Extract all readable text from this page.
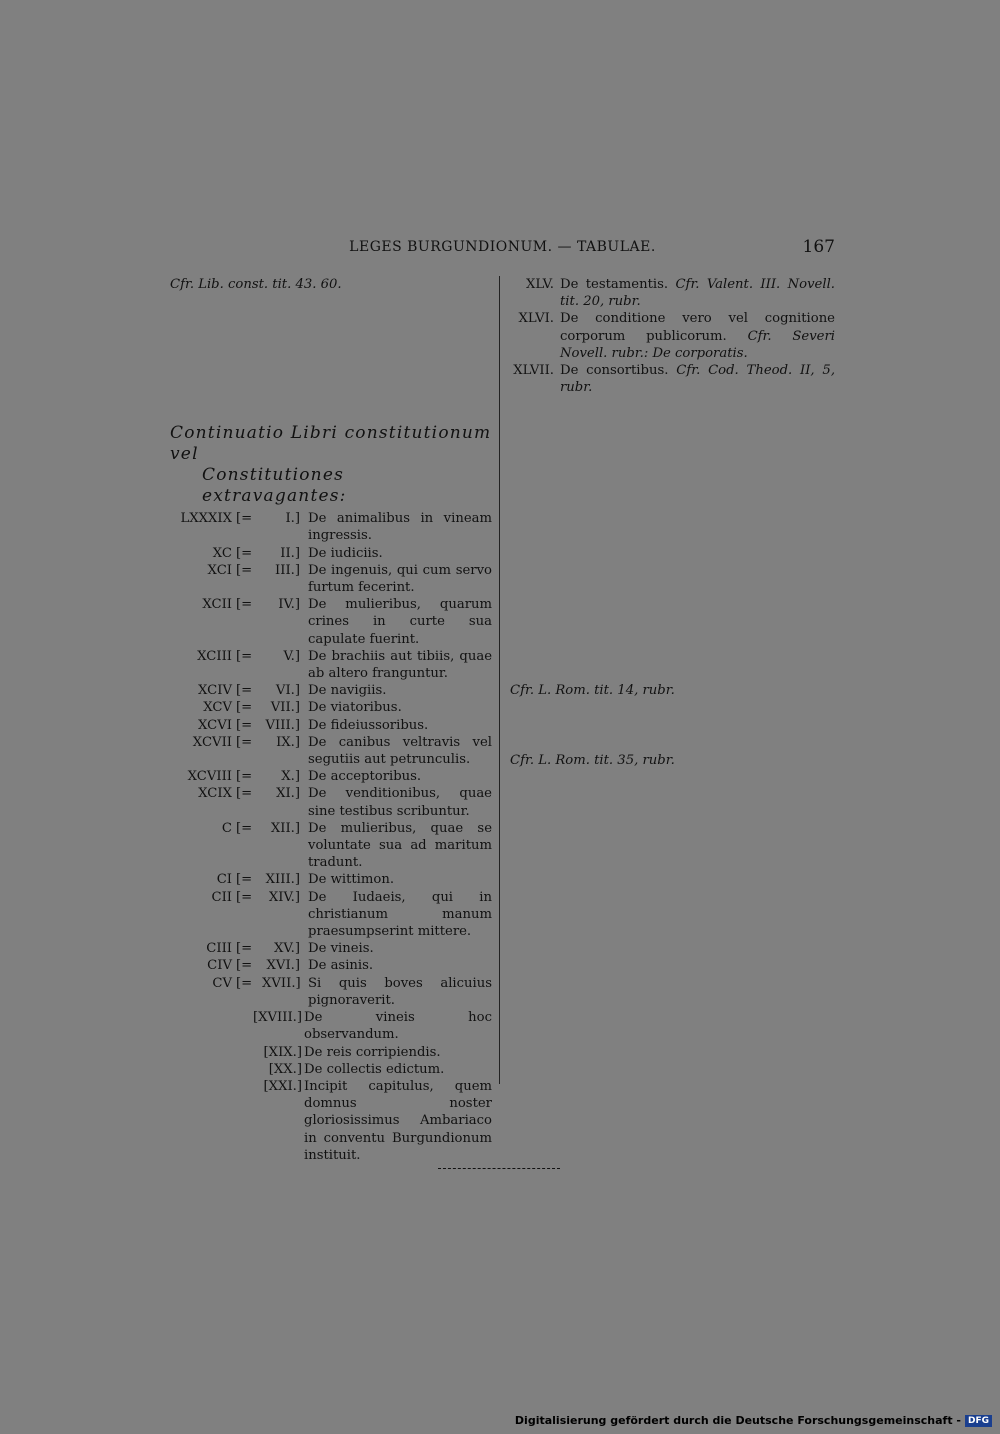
LEGES BURGUNDIONUM. — TABULAE.	167
Cfr. Lib. const. tit. 43. 60.
Continuatio Libri constitutionum vel
Constitutiones extravagantes:
LXXXIX [=	I.] De animalibus in vineam ingressis.
XC [=	II.] De iudiciis.
XCI [=	III.] De ingenuis, qui cum servo furtum fecerint.
XCII [=	IV.] De mulieribus, quarum crines in curte sua capulate fuerint.
XCIII [=	V.] De brachiis aut tibiis, quae ab altero franguntur.
XCIV [=	VI.] De navigiis.
XCV [=	VII.] De viatoribus.
XCVI [=	VIII.] De fideiussoribus.
XCVII [=	IX.] De canibus veltravis vel segutiis aut petrunculis.
XCVIII [=	X.] De acceptoribus.
XCIX [=	XI.] De venditionibus, quae sine testibus scribuntur.
C [=	XII.] De mulieribus, quae se voluntate sua ad maritum tradunt.
CI [=	XIII.] De wittimon.
CII [=	XIV.] De Iudaeis, qui in christianum manum praesumpserint mittere.
CIII [=	XV.] De vineis.
CIV [=	XVI.] De asinis.
CV [= XVII.] Si quis boves alicuius pignoraverit.
[XVIII.] De vineis hoc observandum.
[XIX.] De reis corripiendis.
[XX.] De collectis edictum.
[XXI.] Incipit capitulus, quem domnus noster gloriosissimus Ambariaco in conventu Burgundionum instituit.
XLV. De testamentis. Cfr. Valent. III. Novell. tit. 20, rubr.
XLVI. De conditione vero vel cognitione corporum publicorum. Cfr. Severi Novell. rubr.: De corporatis.
XLVII. De consortibus. Cfr. Cod. Theod. II, 5, rubr.
Cfr. L. Rom. tit. 14, rubr.
Cfr. L. Rom. tit. 35, rubr.
Digitalisierung gefördert durch die Deutsche Forschungsgemeinschaft - DFG
